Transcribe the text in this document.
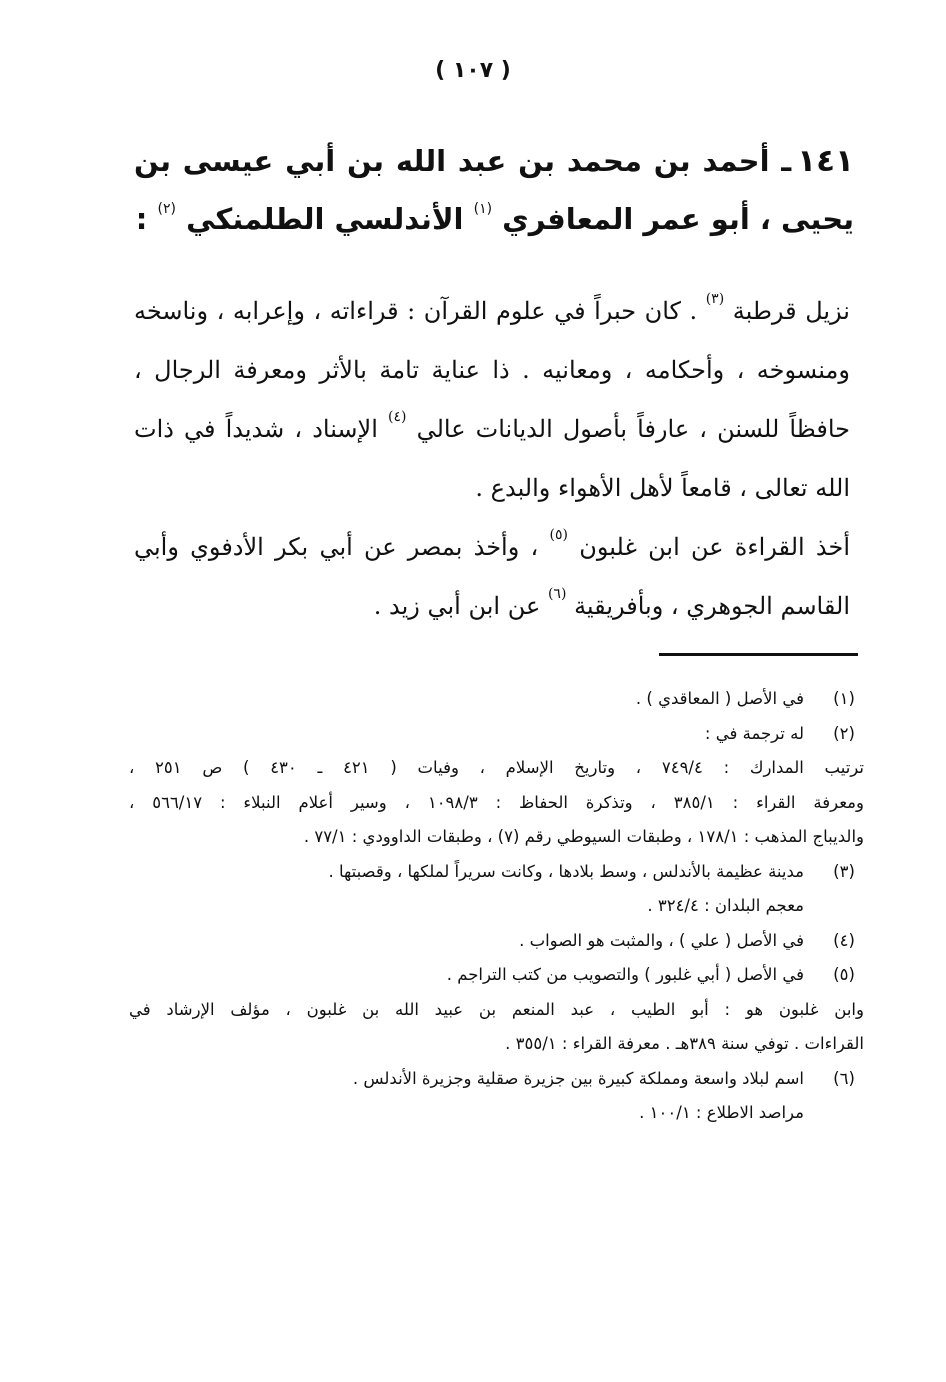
( ١٠٧ )
١٤١ـ أحمد بن محمد بن عبد الله بن أبي عيسى بن يحيى ، أبو عمر المعافري $^{(١)}$ الأندلسي الطلمنكي $^{(٢)}$ :

نزيل قرطبة $^{(٣)}$ . كان حبراً في علوم القرآن : قراءاته ، وإعرابه ، وناسخه ومنسوخه ، وأحكامه ، ومعانيه . ذا عناية تامة بالأثر ومعرفة الرجال ، حافظاً للسنن ، عارفاً بأصول الديانات عالي $^{(٤)}$ الإسناد ، شديداً في ذات الله تعالى ، قامعاً لأهل الأهواء والبدع .

أخذ القراءة عن ابن غلبون $^{(٥)}$ ، وأخذ بمصر عن أبي بكر الأدفوي وأبي القاسم الجوهري ، وبأفريقية $^{(٦)}$ عن ابن أبي زيد .

(١)
في الأصل ( المعاقدي ) .
(٢)
له ترجمة في :
ترتيب المدارك : ٧٤٩/٤ ، وتاريخ الإسلام ، وفيات ( ٤٢١ ـ ٤٣٠ ) ص ٢٥١ ،
ومعرفة القراء : ٣٨٥/١ ، وتذكرة الحفاظ : ١٠٩٨/٣ ، وسير أعلام النبلاء : ٥٦٦/١٧ ،
والديباج المذهب : ١٧٨/١ ، وطبقات السيوطي رقم (٧) ، وطبقات الداوودي : ٧٧/١ .
(٣)
مدينة عظيمة بالأندلس ، وسط بلادها ، وكانت سريراً لملكها ، وقصبتها .
معجم البلدان : ٣٢٤/٤ .
(٤)
في الأصل ( علي ) ، والمثبت هو الصواب .
(٥)
في الأصل ( أبي غلبور ) والتصويب من كتب التراجم .
وابن غلبون هو : أبو الطيب ، عبد المنعم بن عبيد الله بن غلبون ، مؤلف الإرشاد في
القراءات . توفي سنة ٣٨٩هـ . معرفة القراء : ٣٥٥/١ .
(٦)
اسم لبلاد واسعة ومملكة كبيرة بين جزيرة صقلية وجزيرة الأندلس .
مراصد الاطلاع : ١٠٠/١ .
